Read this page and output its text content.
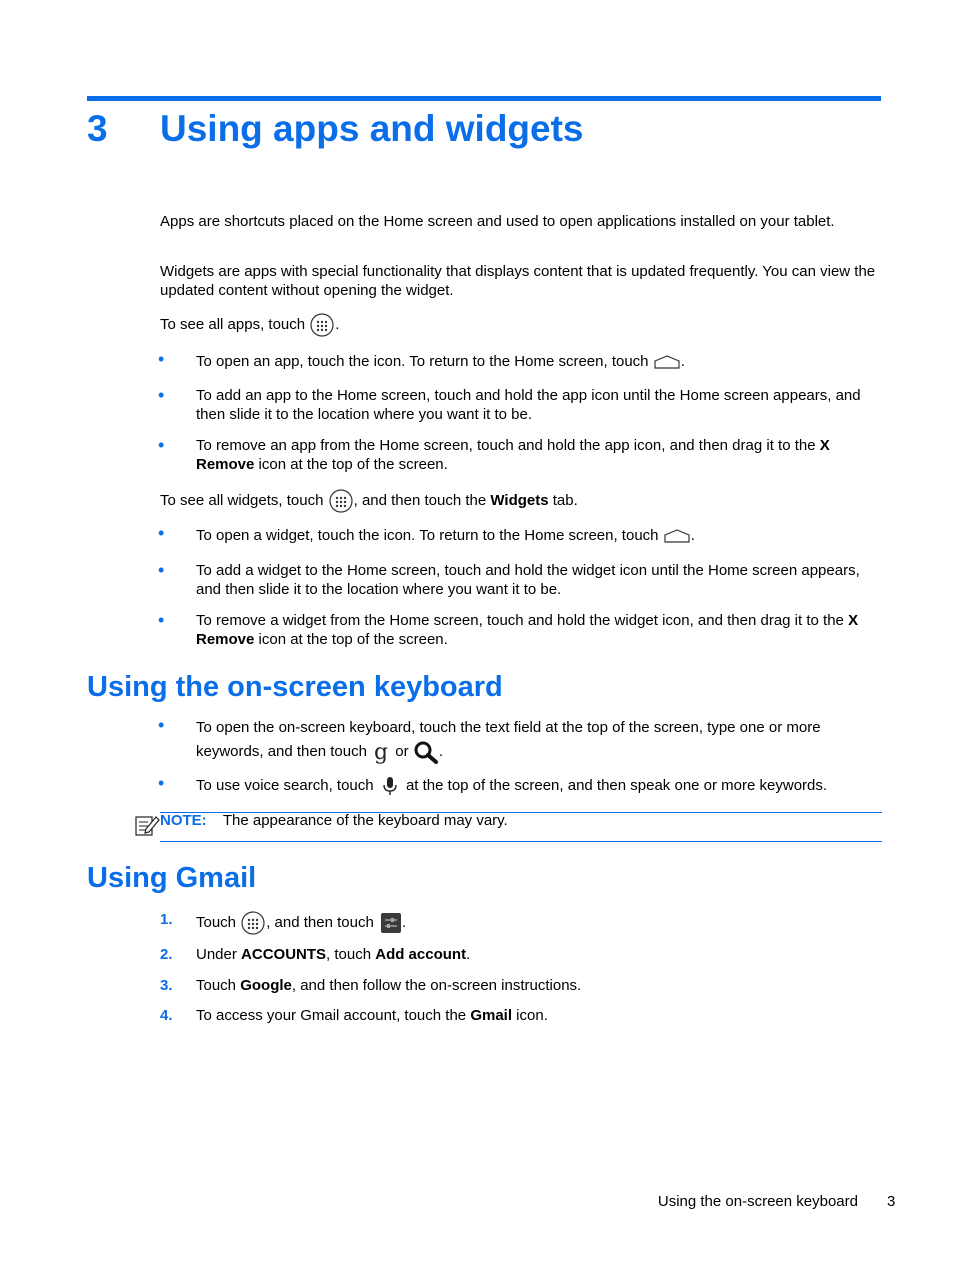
3 Using apps and widgets
Apps are shortcuts placed on the Home screen and used to open applications installed on your tablet.
Widgets are apps with special functionality that displays content that is updated frequently. You can view the updated content without opening the widget.
To see all apps, touch .
• To open an app, touch the icon. To return to the Home screen, touch .
• To add an app to the Home screen, touch and hold the app icon until the Home screen appears, and then slide it to the location where you want it to be.
• To remove an app from the Home screen, touch and hold the app icon, and then drag it to the X Remove icon at the top of the screen.
To see all widgets, touch , and then touch the Widgets tab.
• To open a widget, touch the icon. To return to the Home screen, touch .
• To add a widget to the Home screen, touch and hold the widget icon until the Home screen appears, and then slide it to the location where you want it to be.
• To remove a widget from the Home screen, touch and hold the widget icon, and then drag it to the X Remove icon at the top of the screen.
Using the on-screen keyboard
• To open the on-screen keyboard, touch the text field at the top of the screen, type one or more keywords, and then touch g or .
• To use voice search, touch at the top of the screen, and then speak one or more keywords.
NOTE: The appearance of the keyboard may vary.
Using Gmail
1. Touch , and then touch .
2. Under ACCOUNTS, touch Add account.
3. Touch Google, and then follow the on-screen instructions.
4. To access your Gmail account, touch the Gmail icon.
Using the on-screen keyboard 3
